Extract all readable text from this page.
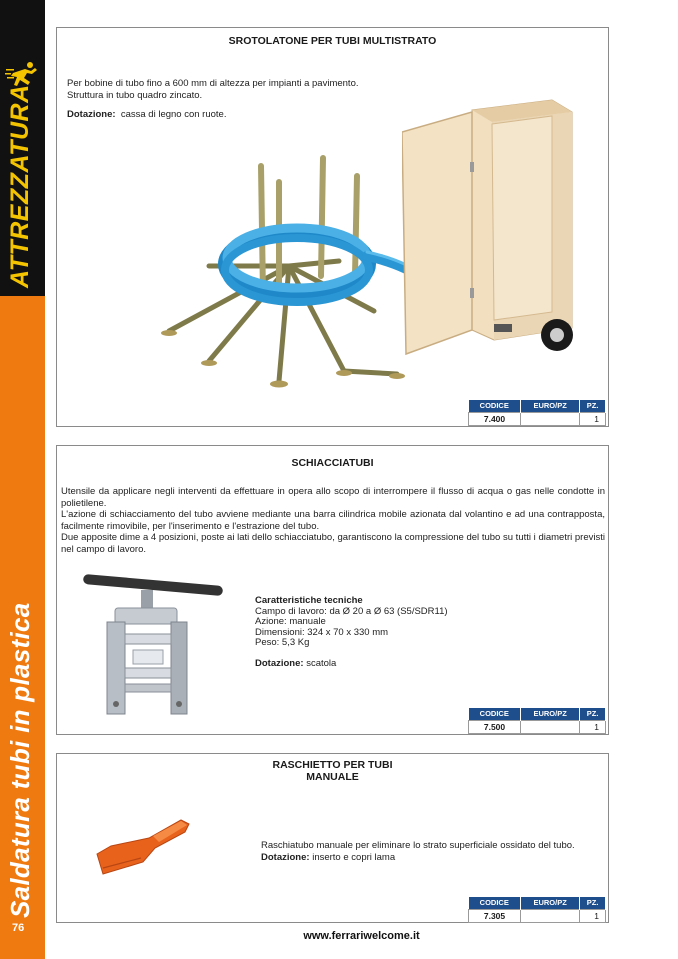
ATTREZZATURA
Saldatura tubi in plastica
76
SROTOLATONE PER TUBI MULTISTRATO

Per bobine di tubo fino a 600 mm di altezza per impianti a pavimento.

Struttura in tubo quadro zincato.

Dotazione: cassa di legno con ruote.

CODICE	EURO/PZ	PZ.
7.400		1
SCHIACCIATUBI

Utensile da applicare negli interventi da effettuare in opera allo scopo di interrompere il flusso di acqua o gas nelle condotte in polietilene.

L'azione di schiacciamento del tubo avviene mediante una barra cilindrica mobile azionata dal volantino e ad una contrapposta, facilmente rimovibile, per l'inserimento e l'estrazione del tubo.

Due apposite dime a 4 posizioni, poste ai lati dello schiacciatubo, garantiscono la compressione del tubo su tutti i diametri previsti nel campo di lavoro.

Caratteristiche tecniche

Campo di lavoro: da Ø 20 a Ø 63 (S5/SDR11)

Azione: manuale

Dimensioni: 324 x 70 x 330 mm

Peso: 5,3 Kg

Dotazione: scatola

CODICE	EURO/PZ	PZ.
7.500		1
RASCHIETTO PER TUBI
MANUALE

Raschiatubo manuale per eliminare lo strato superficiale ossidato del tubo.

Dotazione: inserto e copri lama

CODICE	EURO/PZ	PZ.
7.305		1
www.ferrariwelcome.it
